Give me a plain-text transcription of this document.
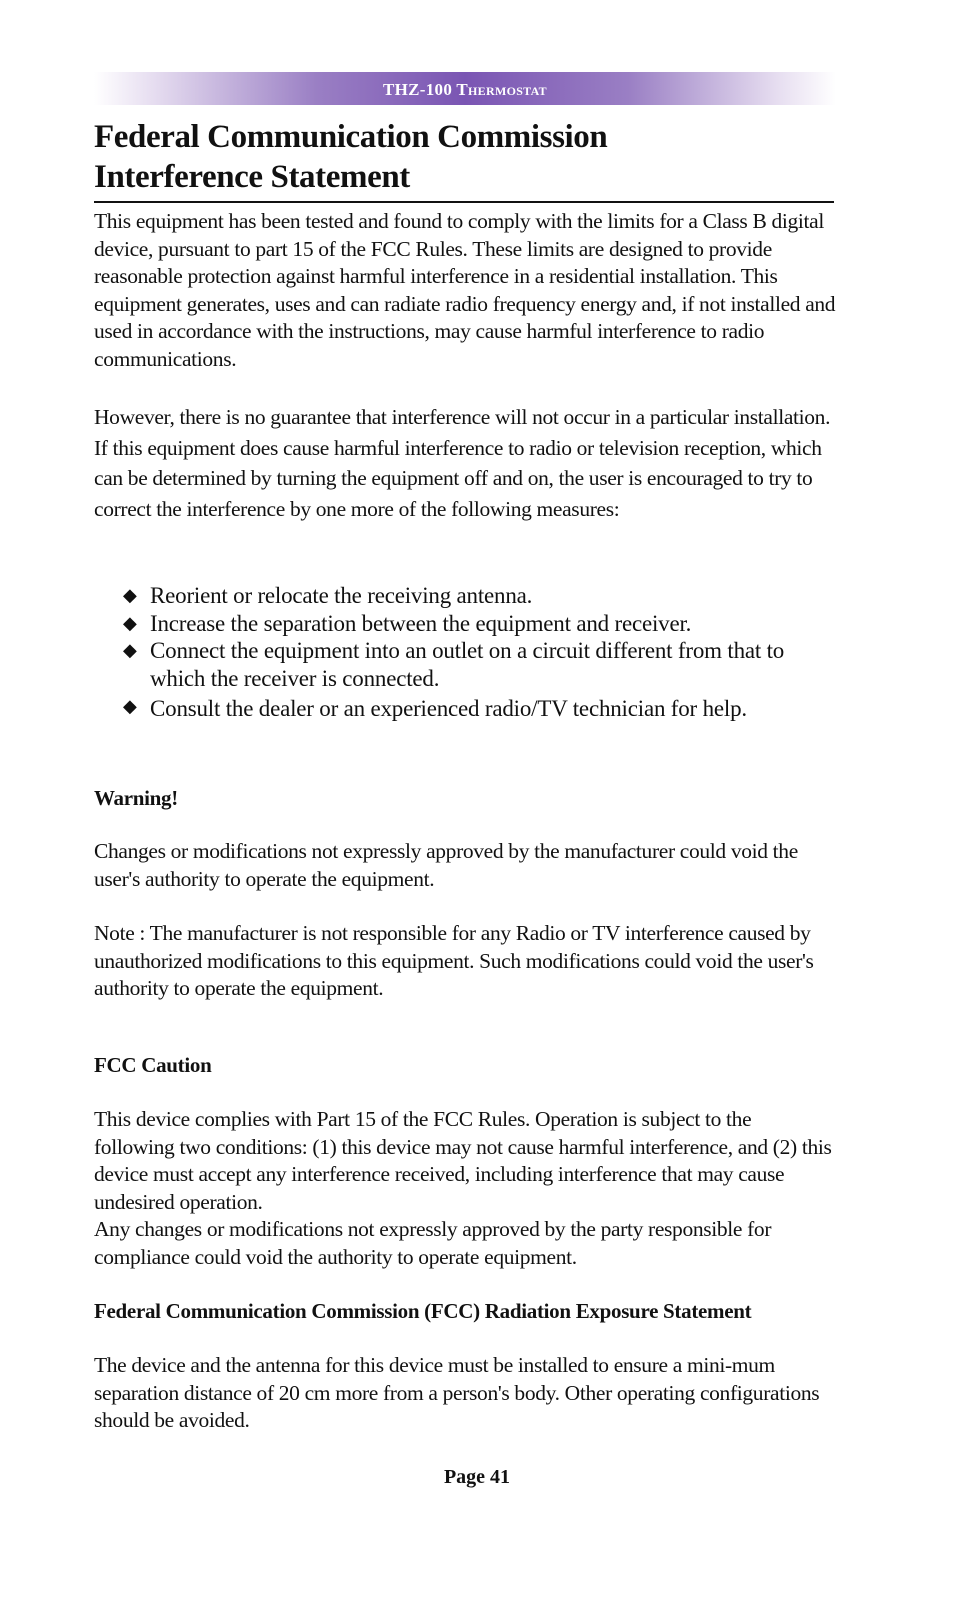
THZ-100 Thermostat
Federal Communication Commission
Interference Statement
This equipment has been tested and found to comply with the limits for a Class B digital device, pursuant to part 15 of the FCC Rules. These limits are designed to provide reasonable protection against harmful interference in a residential installation. This equipment generates, uses and can radiate radio frequency energy and, if not installed and used in accordance with the instructions, may cause harmful interference to radio communications.
However, there is no guarantee that interference will not occur in a particular installation. If this equipment does cause harmful interference to radio or television reception, which can be determined by turning the equipment off and on, the user is encouraged to try to correct the interference by one more of the following measures:
◆ Reorient or relocate the receiving antenna.
◆ Increase the separation between the equipment and receiver.
◆ Connect the equipment into an outlet on a circuit different from that to which the receiver is connected.
◆ Consult the dealer or an experienced radio/TV technician for help.
Warning!
Changes or modifications not expressly approved by the manufacturer could void the user's authority to operate the equipment.
Note : The manufacturer is not responsible for any Radio or TV interference caused by unauthorized modifications to this equipment. Such modifications could void the user's authority to operate the equipment.
FCC Caution
This device complies with Part 15 of the FCC Rules. Operation is subject to the following two conditions: (1) this device may not cause harmful interference, and (2) this device must accept any interference received, including interference that may cause undesired operation.
Any changes or modifications not expressly approved by the party responsible for compliance could void the authority to operate equipment.
Federal Communication Commission (FCC) Radiation Exposure Statement
The device and the antenna for this device must be installed to ensure a mini-mum separation distance of 20 cm more from a person's body. Other operating configurations should be avoided.
Page 41
